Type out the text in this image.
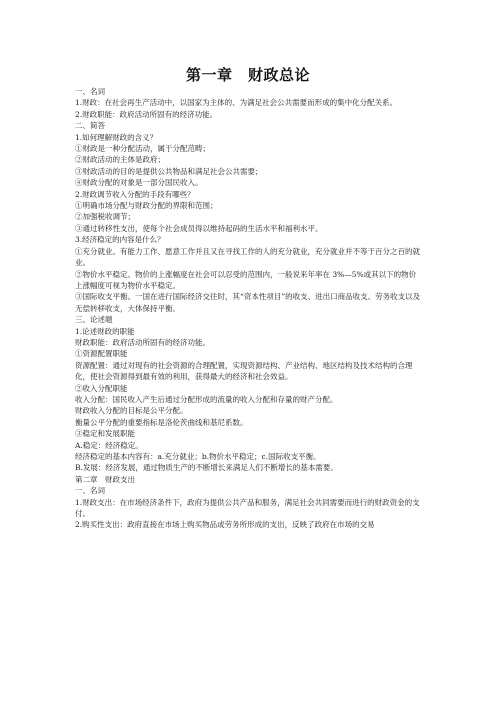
第一章　财政总论

一、名词

1.财政：在社会再生产活动中，以国家为主体的、为满足社会公共需要而形成的集中化分配关系。

2.财政职能：政府活动所固有的经济功能。

二、简答

1.如何理解财政的含义？

①财政是一种分配活动，属于分配范畴；

②财政活动的主体是政府；

③财政活动的目的是提供公共物品和满足社会公共需要；

④财政分配的对象是一部分国民收入。

2.财政调节收入分配的手段有哪些？

①明确市场分配与财政分配的界限和范围；

②加强税收调节；

③通过转移性支出，使每个社会成员得以维持起码的生活水平和福利水平。

3.经济稳定的内容是什么？

①充分就业。有能力工作、愿意工作并且又在寻找工作的人的充分就业，充分就业并不等于百分之百的就业。

②物价水平稳定。物价的上涨幅度在社会可以忍受的范围内，一般说来年率在 3%—5%或其以下的物价上涨幅度可视为物价水平稳定。

③国际收支平衡。一国在进行国际经济交往时，其“资本性项目”的收支、进出口商品收支、劳务收支以及无偿转移收支，大体保持平衡。

三、论述题

1.论述财政的职能

财政职能：政府活动所固有的经济功能。

①资源配置职能

资源配置：通过对现有的社会资源的合理配置，实现资源结构、产业结构、地区结构及技术结构的合理化，使社会资源得到最有效的利用，获得最大的经济和社会效益。

②收入分配职能

收入分配：国民收入产生后通过分配形成的流量的收入分配和存量的财产分配。

财政收入分配的目标是公平分配。

衡量公平分配的重要指标是洛伦茨曲线和基尼系数。

③稳定和发展职能

A.稳定：经济稳定。

经济稳定的基本内容有：a.充分就业；b.物价水平稳定；c.国际收支平衡。

B.发展：经济发展，通过物质生产的不断增长来满足人们不断增长的基本需要。

第二章　财政支出

一、名词

1.财政支出：在市场经济条件下，政府为提供公共产品和服务，满足社会共同需要而进行的财政资金的支付。

2.购买性支出：政府直接在市场上购买物品或劳务所形成的支出，反映了政府在市场的交易
